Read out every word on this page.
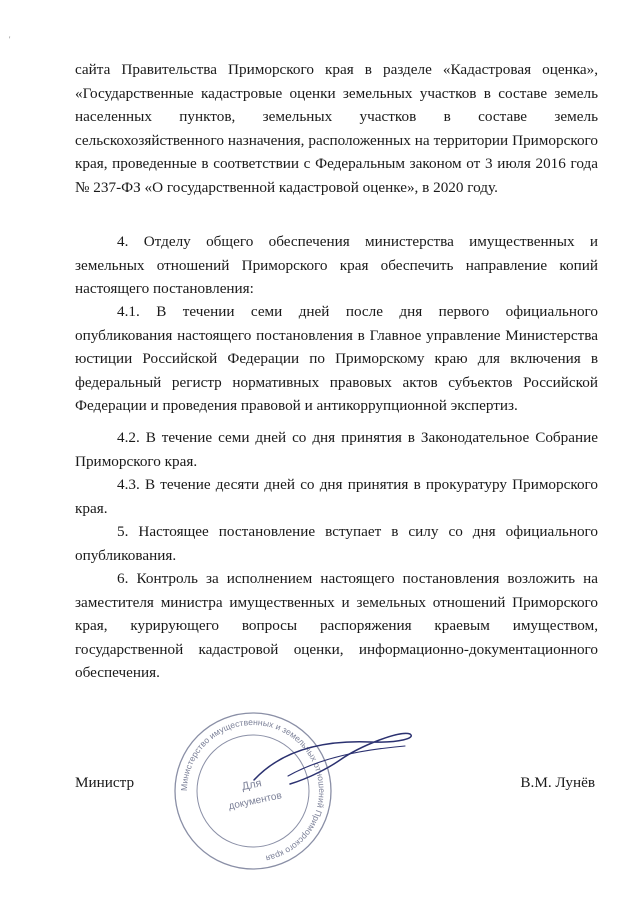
'

сайта Правительства Приморского края в разделе «Кадастровая оценка», «Государственные кадастровые оценки земельных участков в составе земель населенных пунктов, земельных участков в составе земель сельскохозяйственного назначения, расположенных на территории Приморского края, проведенные в соответствии с Федеральным законом от 3 июля 2016 года № 237-ФЗ «О государственной кадастровой оценке», в 2020 году.

4. Отделу общего обеспечения министерства имущественных и земельных отношений Приморского края обеспечить направление копий настоящего постановления:

4.1. В течении семи дней после дня первого официального опубликования настоящего постановления в Главное управление Министерства юстиции Российской Федерации по Приморскому краю для включения в федеральный регистр нормативных правовых актов субъектов Российской Федерации и проведения правовой и антикоррупционной экспертиз.

4.2. В течение семи дней со дня принятия в Законодательное Собрание Приморского края.

4.3. В течение десяти дней со дня принятия в прокуратуру Приморского края.

5. Настоящее постановление вступает в силу со дня официального опубликования.

6. Контроль за исполнением настоящего постановления возложить на заместителя министра имущественных и земельных отношений Приморского края, курирующего вопросы распоряжения краевым имуществом, государственной кадастровой оценки, информационно-документационного обеспечения.

Министерство имущественных и земельных отношений Приморского края
Для
документов
Министр	В.М. Лунёв
